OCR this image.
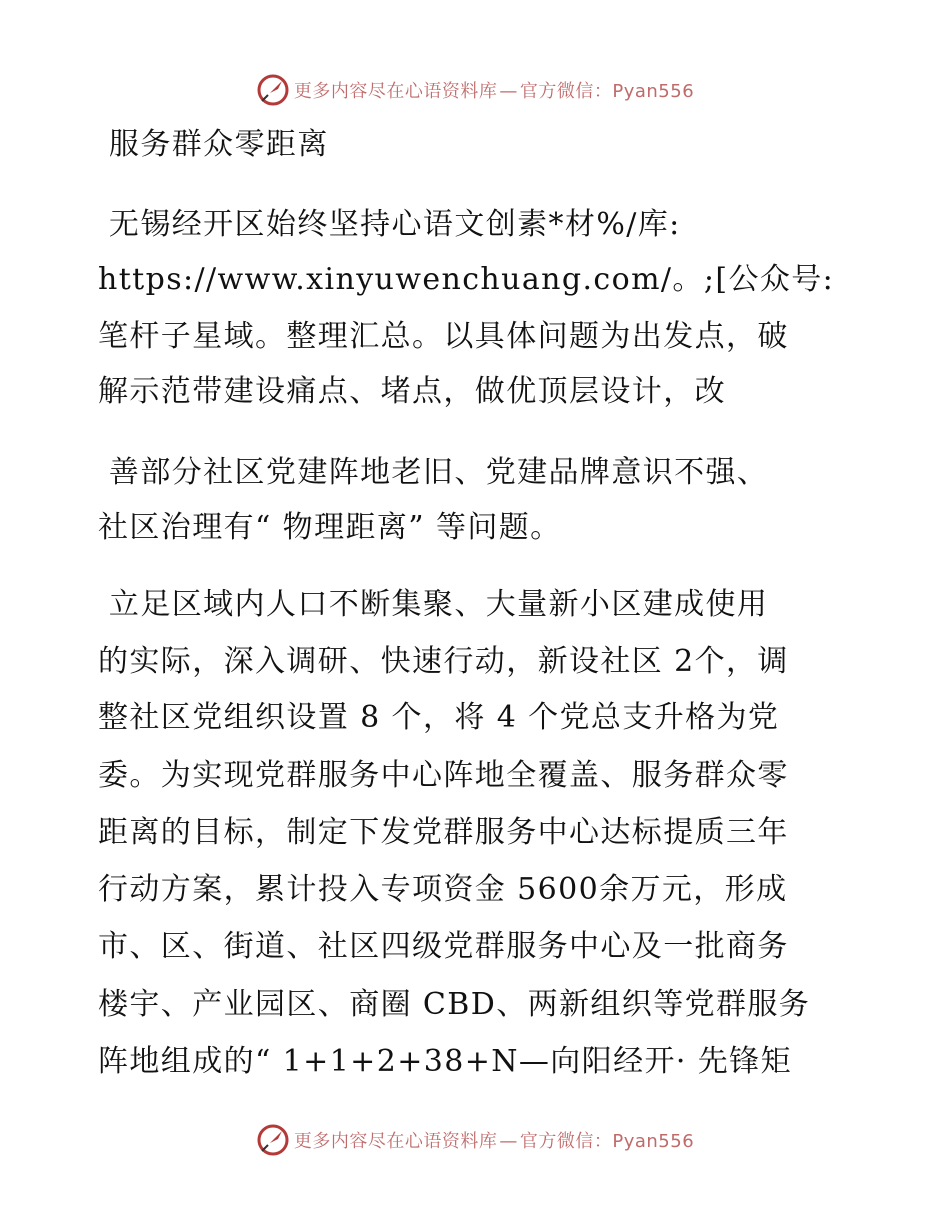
更多内容尽在心语资料库 — 官方微信：Pyan556
服务群众零距离
无锡经开区始终坚持心语文创素*材%/库:
https://www.xinyuwenchuang.com/。;[公众号:
笔杆子星域。整理汇总。以具体问题为出发点，破
解示范带建设痛点、堵点，做优顶层设计，改
善部分社区党建阵地老旧、党建品牌意识不强、
社区治理有“ 物理距离” 等问题。
立足区域内人口不断集聚、大量新小区建成使用
的实际，深入调研、快速行动，新设社区 2个，调
整社区党组织设置 8 个，将 4 个党总支升格为党
委。为实现党群服务中心阵地全覆盖、服务群众零
距离的目标，制定下发党群服务中心达标提质三年
行动方案，累计投入专项资金 5600余万元，形成
市、区、街道、社区四级党群服务中心及一批商务
楼宇、产业园区、商圈 CBD、两新组织等党群服务
阵地组成的“ 1+1+2+38+N—向阳经开· 先锋矩
更多内容尽在心语资料库 — 官方微信：Pyan556
